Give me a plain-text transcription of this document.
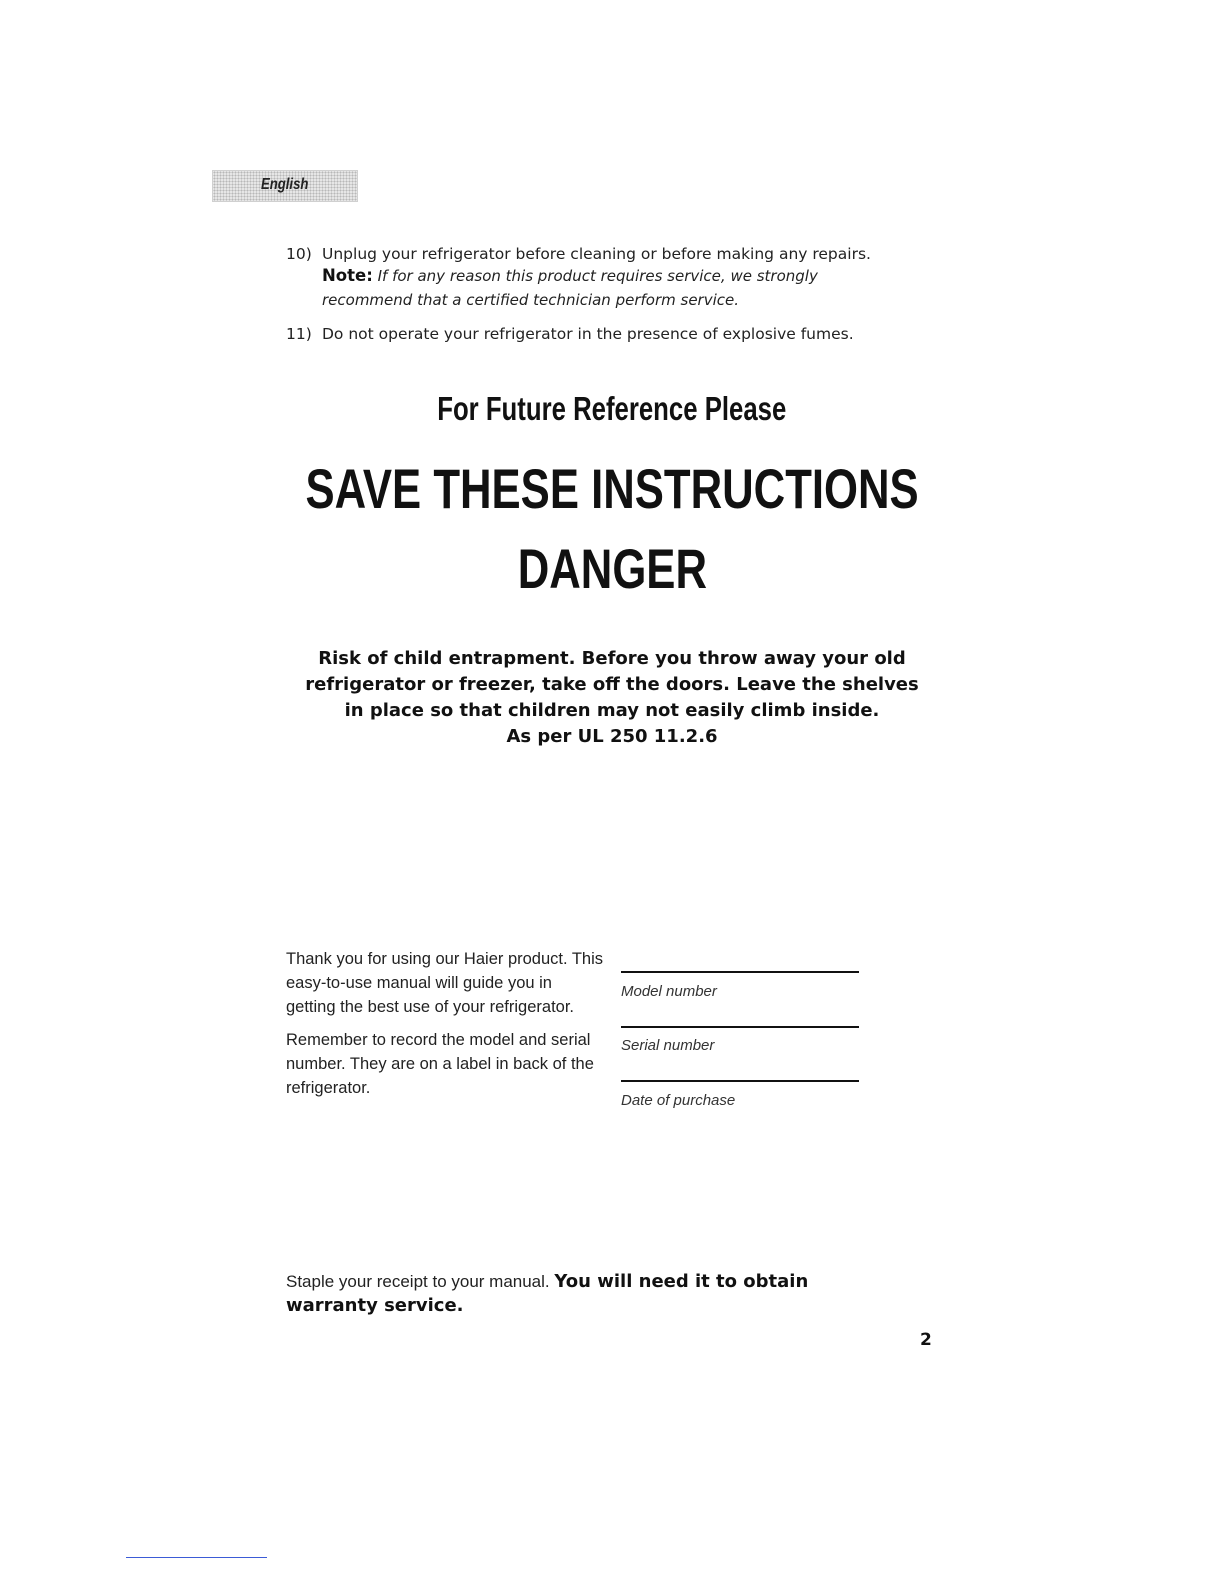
English
10) Unplug your refrigerator before cleaning or before making any repairs.
Note: If for any reason this product requires service, we strongly
recommend that a certified technician perform service.
11) Do not operate your refrigerator in the presence of explosive fumes.
For Future Reference Please
SAVE THESE INSTRUCTIONS
DANGER
Risk of child entrapment. Before you throw away your old
refrigerator or freezer, take off the doors. Leave the shelves
in place so that children may not easily climb inside.
As per UL 250 11.2.6

Thank you for using our Haier product. This easy-to-use manual will guide you in getting the best use of your refrigerator.

Remember to record the model and serial number. They are on a label in back of the refrigerator.

Model number
Serial number
Date of purchase
Staple your receipt to your manual. You will need it to obtain warranty service.
2
